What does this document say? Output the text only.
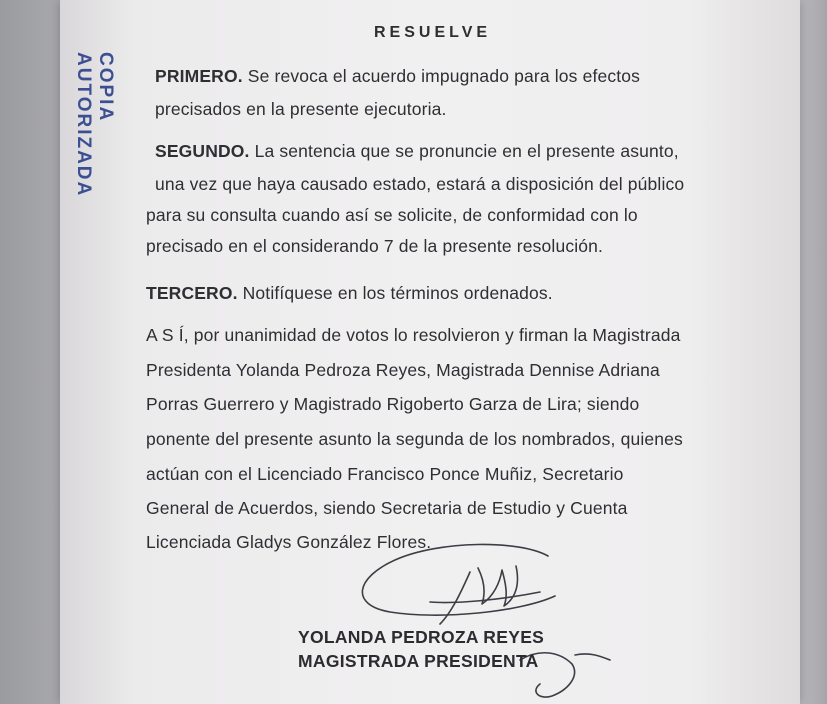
COPIA AUTORIZADA
RESUELVE
PRIMERO. Se revoca el acuerdo impugnado para los efectos
precisados en la presente ejecutoria.
SEGUNDO. La sentencia que se pronuncie en el presente asunto,
una vez que haya causado estado, estará a disposición del público
para su consulta cuando así se solicite, de conformidad con lo
precisado en el considerando 7 de la presente resolución.
TERCERO. Notifíquese en los términos ordenados.
A S Í, por unanimidad de votos lo resolvieron y firman la Magistrada
Presidenta Yolanda Pedroza Reyes, Magistrada Dennise Adriana
Porras Guerrero y Magistrado Rigoberto Garza de Lira; siendo
ponente del presente asunto la segunda de los nombrados, quienes
actúan con el Licenciado Francisco Ponce Muñiz, Secretario
General de Acuerdos, siendo Secretaria de Estudio y Cuenta
Licenciada Gladys González Flores.
YOLANDA PEDROZA REYES
MAGISTRADA PRESIDENTA
